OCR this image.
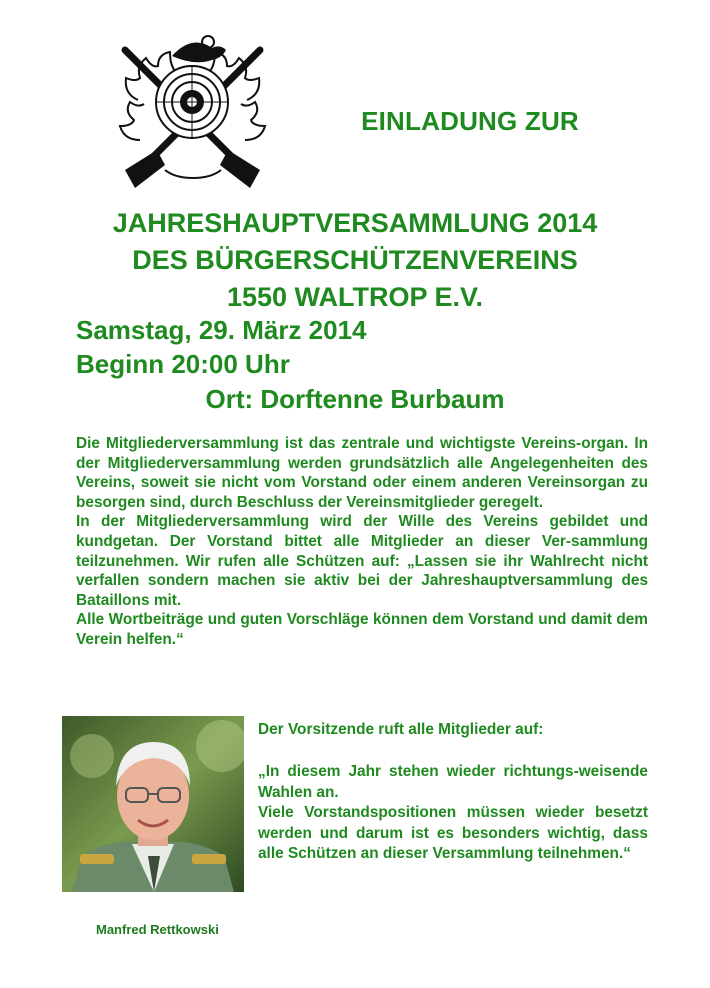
EINLADUNG ZUR
JAHRESHAUPTVERSAMMLUNG 2014
DES BÜRGERSCHÜTZENVEREINS
1550 WALTROP E.V.
Samstag, 29. März 2014
Beginn 20:00 Uhr
Ort: Dorftenne Burbaum

Die Mitgliederversammlung ist das zentrale und wichtigste Vereins-organ. In der Mitgliederversammlung werden grundsätzlich alle Angelegenheiten des Vereins, soweit sie nicht vom Vorstand oder einem anderen Vereinsorgan zu besorgen sind, durch Beschluss der Vereinsmitglieder geregelt.

In der Mitgliederversammlung wird der Wille des Vereins gebildet und kundgetan. Der Vorstand bittet alle Mitglieder an dieser Ver-sammlung teilzunehmen. Wir rufen alle Schützen auf: „Lassen sie ihr Wahlrecht nicht verfallen sondern machen sie aktiv bei der Jahreshauptversammlung des Bataillons mit.

Alle Wortbeiträge und guten Vorschläge können dem Vorstand und damit dem Verein helfen.“

Manfred Rettkowski
Der Vorsitzende ruft alle Mitglieder auf:

„In diesem Jahr stehen wieder richtungs-weisende Wahlen an.

Viele Vorstandspositionen müssen wieder besetzt werden und darum ist es besonders wichtig, dass alle Schützen an dieser Versammlung teilnehmen.“
